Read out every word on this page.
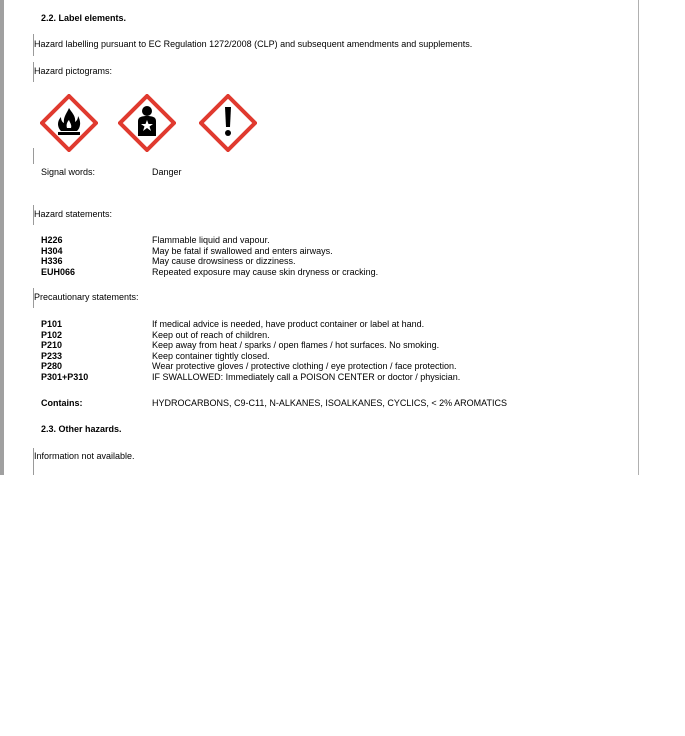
2.2. Label elements.
Hazard labelling pursuant to EC Regulation 1272/2008 (CLP) and subsequent amendments and supplements.
Hazard pictograms:
Signal words:	Danger
Hazard statements:
H226	Flammable liquid and vapour.
H304	May be fatal if swallowed and enters airways.
H336	May cause drowsiness or dizziness.
EUH066	Repeated exposure may cause skin dryness or cracking.
Precautionary statements:
P101	If medical advice is needed, have product container or label at hand.
P102	Keep out of reach of children.
P210	Keep away from heat / sparks / open flames / hot surfaces. No smoking.
P233	Keep container tightly closed.
P280	Wear protective gloves / protective clothing / eye protection / face protection.
P301+P310	IF SWALLOWED: Immediately call a POISON CENTER or doctor / physician.
Contains:	HYDROCARBONS, C9-C11, N-ALKANES, ISOALKANES, CYCLICS, < 2% AROMATICS
2.3. Other hazards.
Information not available.
